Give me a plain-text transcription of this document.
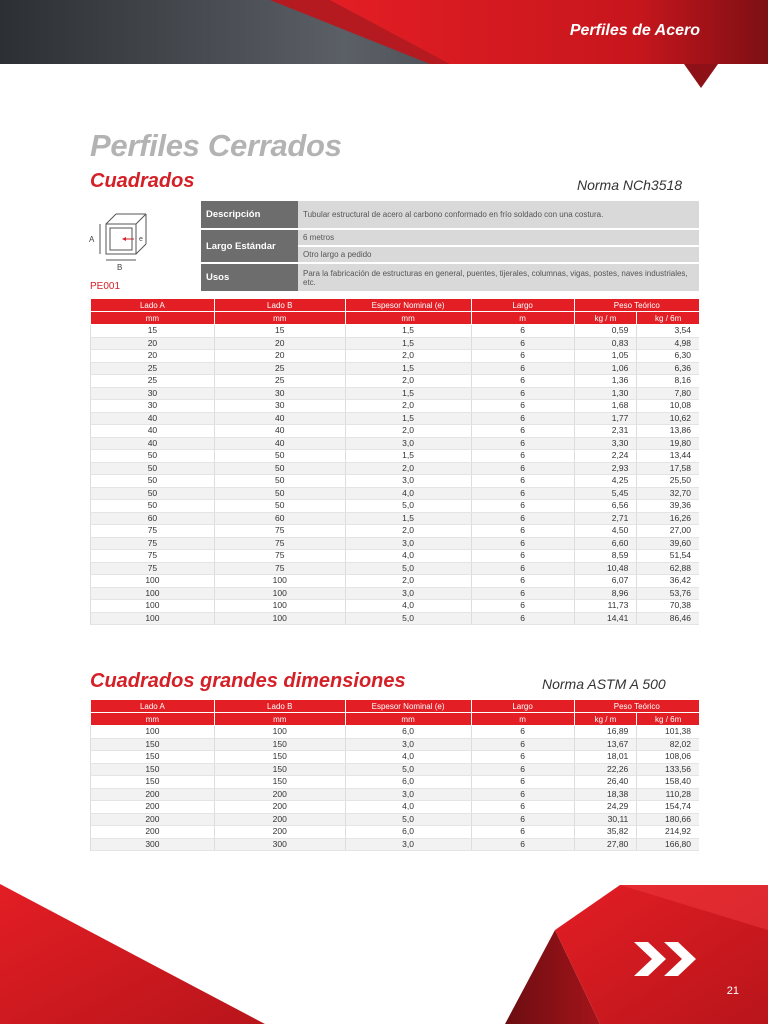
Perfiles de Acero
Perfiles Cerrados
Cuadrados	Norma NCh3518
A
B
e
PE001
Descripción	Tubular estructural de acero al carbono conformado en frío soldado con una costura.
Largo Estándar	6 metros
	Otro largo a pedido
Usos	Para la fabricación de estructuras en general, puentes, tijerales, columnas, vigas, postes, naves industriales, etc.
Lado A	Lado B	Espesor Nominal (e)	Largo	Peso Teórico	
mm	mm	mm	m	kg / m	kg / 6m
15	15	1,5	6	0,59	3,54
20	20	1,5	6	0,83	4,98
20	20	2,0	6	1,05	6,30
25	25	1,5	6	1,06	6,36
25	25	2,0	6	1,36	8,16
30	30	1,5	6	1,30	7,80
30	30	2,0	6	1,68	10,08
40	40	1,5	6	1,77	10,62
40	40	2,0	6	2,31	13,86
40	40	3,0	6	3,30	19,80
50	50	1,5	6	2,24	13,44
50	50	2,0	6	2,93	17,58
50	50	3,0	6	4,25	25,50
50	50	4,0	6	5,45	32,70
50	50	5,0	6	6,56	39,36
60	60	1,5	6	2,71	16,26
75	75	2,0	6	4,50	27,00
75	75	3,0	6	6,60	39,60
75	75	4,0	6	8,59	51,54
75	75	5,0	6	10,48	62,88
100	100	2,0	6	6,07	36,42
100	100	3,0	6	8,96	53,76
100	100	4,0	6	11,73	70,38
100	100	5,0	6	14,41	86,46
Cuadrados grandes dimensiones	Norma ASTM A 500
Lado A	Lado B	Espesor Nominal (e)	Largo	Peso Teórico	
mm	mm	mm	m	kg / m	kg / 6m
100	100	6,0	6	16,89	101,38
150	150	3,0	6	13,67	82,02
150	150	4,0	6	18,01	108,06
150	150	5,0	6	22,26	133,56
150	150	6,0	6	26,40	158,40
200	200	3,0	6	18,38	110,28
200	200	4,0	6	24,29	154,74
200	200	5,0	6	30,11	180,66
200	200	6,0	6	35,82	214,92
300	300	3,0	6	27,80	166,80
21
